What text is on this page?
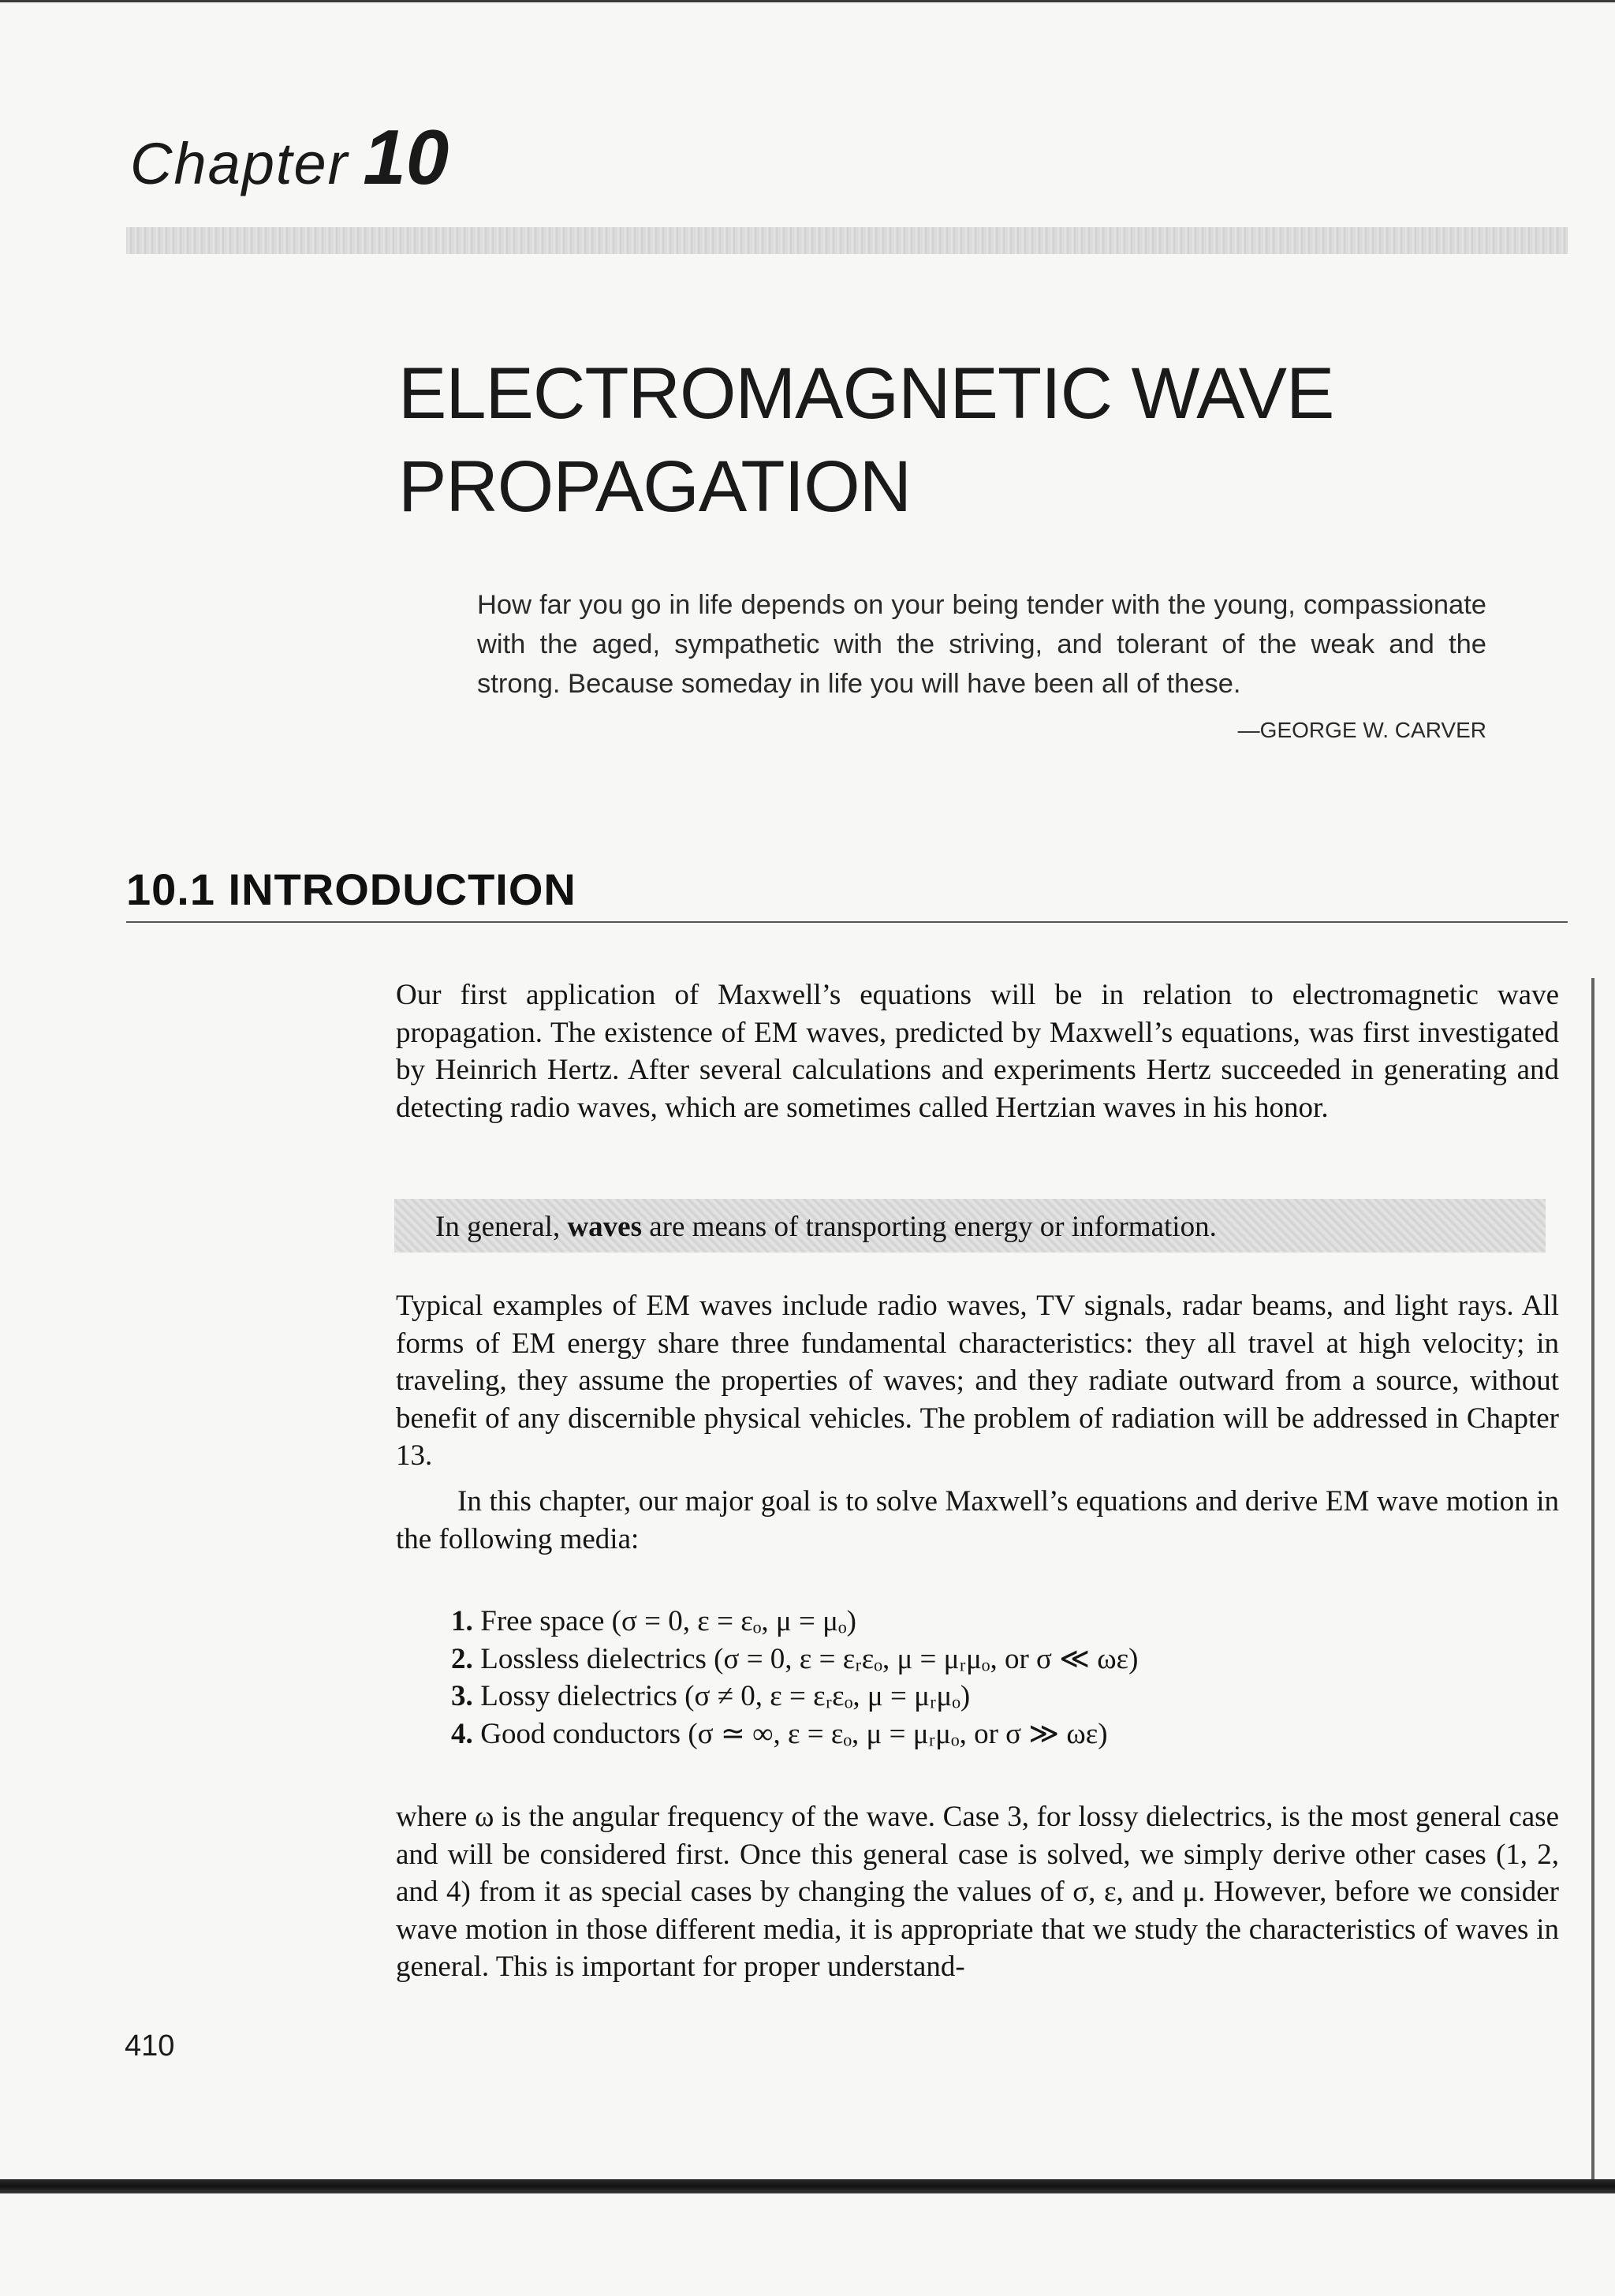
Chapter 10
ELECTROMAGNETIC WAVE
PROPAGATION

How far you go in life depends on your being tender with the young, compassionate with the aged, sympathetic with the striving, and tolerant of the weak and the strong. Because someday in life you will have been all of these.

—GEORGE W. CARVER
10.1 INTRODUCTION

Our first application of Maxwell’s equations will be in relation to electromagnetic wave propagation. The existence of EM waves, predicted by Maxwell’s equations, was first investigated by Heinrich Hertz. After several calculations and experiments Hertz succeeded in generating and detecting radio waves, which are sometimes called Hertzian waves in his honor.

In general, waves are means of transporting energy or information.

Typical examples of EM waves include radio waves, TV signals, radar beams, and light rays. All forms of EM energy share three fundamental characteristics: they all travel at high velocity; in traveling, they assume the properties of waves; and they radiate outward from a source, without benefit of any discernible physical vehicles. The problem of radiation will be addressed in Chapter 13.

In this chapter, our major goal is to solve Maxwell’s equations and derive EM wave motion in the following media:

1. Free space (σ = 0, ε = εₒ, μ = μₒ)
2. Lossless dielectrics (σ = 0, ε = εᵣεₒ, μ = μᵣμₒ, or σ ≪ ωε)
3. Lossy dielectrics (σ ≠ 0, ε = εᵣεₒ, μ = μᵣμₒ)
4. Good conductors (σ ≃ ∞, ε = εₒ, μ = μᵣμₒ, or σ ≫ ωε)

where ω is the angular frequency of the wave. Case 3, for lossy dielectrics, is the most general case and will be considered first. Once this general case is solved, we simply derive other cases (1, 2, and 4) from it as special cases by changing the values of σ, ε, and μ. However, before we consider wave motion in those different media, it is appropriate that we study the characteristics of waves in general. This is important for proper understand-

410
